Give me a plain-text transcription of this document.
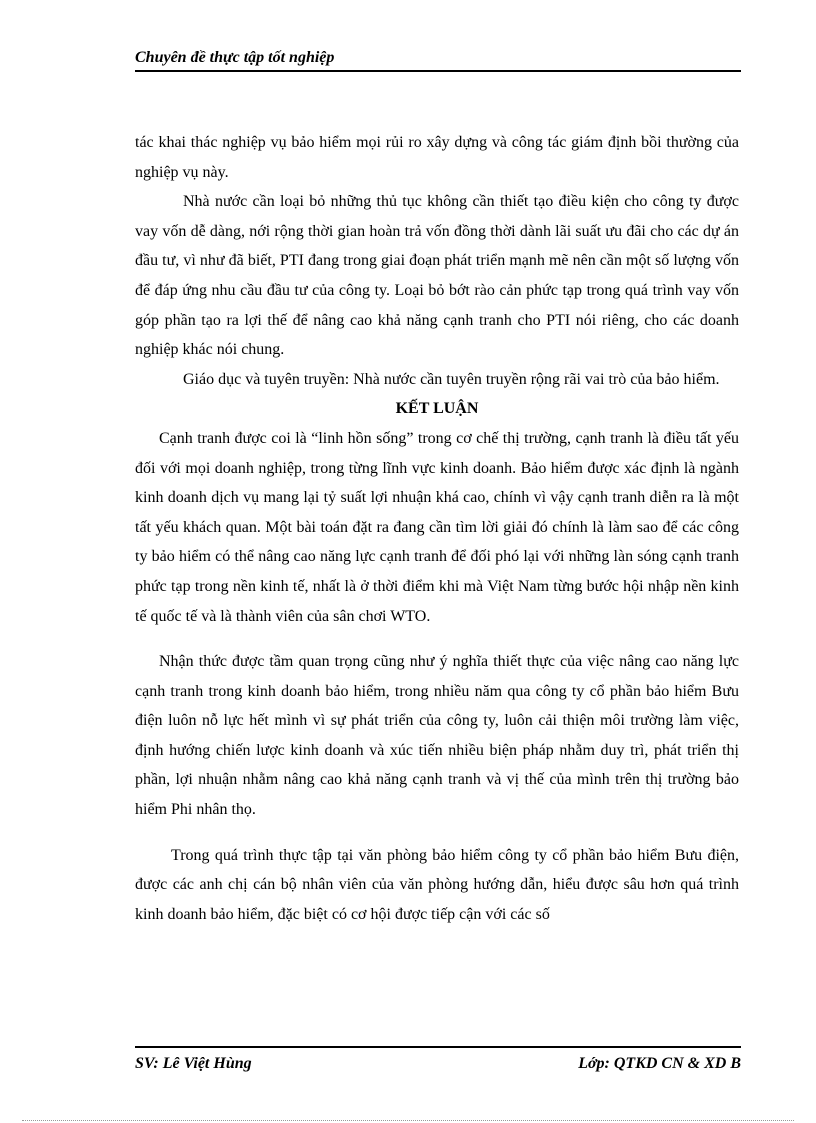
Chuyên đề thực tập tốt nghiệp

tác khai thác nghiệp vụ bảo hiểm mọi rủi ro xây dựng và công tác giám định bồi thường của nghiệp vụ này.

Nhà nước cần loại bỏ những thủ tục không cần thiết tạo điều kiện cho công ty được vay vốn dễ dàng, nới rộng thời gian hoàn trả vốn đồng thời dành lãi suất ưu đãi cho các dự án đầu tư, vì như đã biết, PTI đang trong giai đoạn phát triển mạnh mẽ nên cần một số lượng vốn để đáp ứng nhu cầu đầu tư của công ty. Loại bỏ bớt rào cản phức tạp trong quá trình vay vốn góp phần tạo ra lợi thế để nâng cao khả năng cạnh tranh cho PTI nói riêng, cho các doanh nghiệp khác nói chung.

Giáo dục và tuyên truyền: Nhà nước cần tuyên truyền rộng rãi vai trò của bảo hiểm.

KẾT LUẬN

Cạnh tranh được coi là “linh hồn sống” trong cơ chế thị trường, cạnh tranh là điều tất yếu đối với mọi doanh nghiệp, trong từng lĩnh vực kinh doanh. Bảo hiểm được xác định là ngành kinh doanh dịch vụ mang lại tỷ suất lợi nhuận khá cao, chính vì vậy cạnh tranh diễn ra là một tất yếu khách quan. Một bài toán đặt ra đang cần tìm lời giải đó chính là làm sao để các công ty bảo hiểm có thể nâng cao năng lực cạnh tranh để đối phó lại với những làn sóng cạnh tranh phức tạp trong nền kinh tế, nhất là ở thời điểm khi mà Việt Nam từng bước hội nhập nền kinh tế quốc tế và là thành viên của sân chơi WTO.

Nhận thức được tầm quan trọng cũng như ý nghĩa thiết thực của việc nâng cao năng lực cạnh tranh trong kinh doanh bảo hiểm, trong nhiều năm qua công ty cổ phần bảo hiểm Bưu điện luôn nỗ lực hết mình vì sự phát triển của công ty, luôn cải thiện môi trường làm việc, định hướng chiến lược kinh doanh và xúc tiến nhiều biện pháp nhằm duy trì, phát triển thị phần, lợi nhuận nhằm nâng cao khả năng cạnh tranh và vị thế của mình trên thị trường bảo hiểm Phi nhân thọ.

Trong quá trình thực tập tại văn phòng bảo hiểm công ty cổ phần bảo hiểm Bưu điện, được các anh chị cán bộ nhân viên của văn phòng hướng dẫn, hiểu được sâu hơn quá trình kinh doanh bảo hiểm, đặc biệt có cơ hội được tiếp cận với các số

SV: Lê Việt Hùng	Lớp: QTKD CN & XD B
